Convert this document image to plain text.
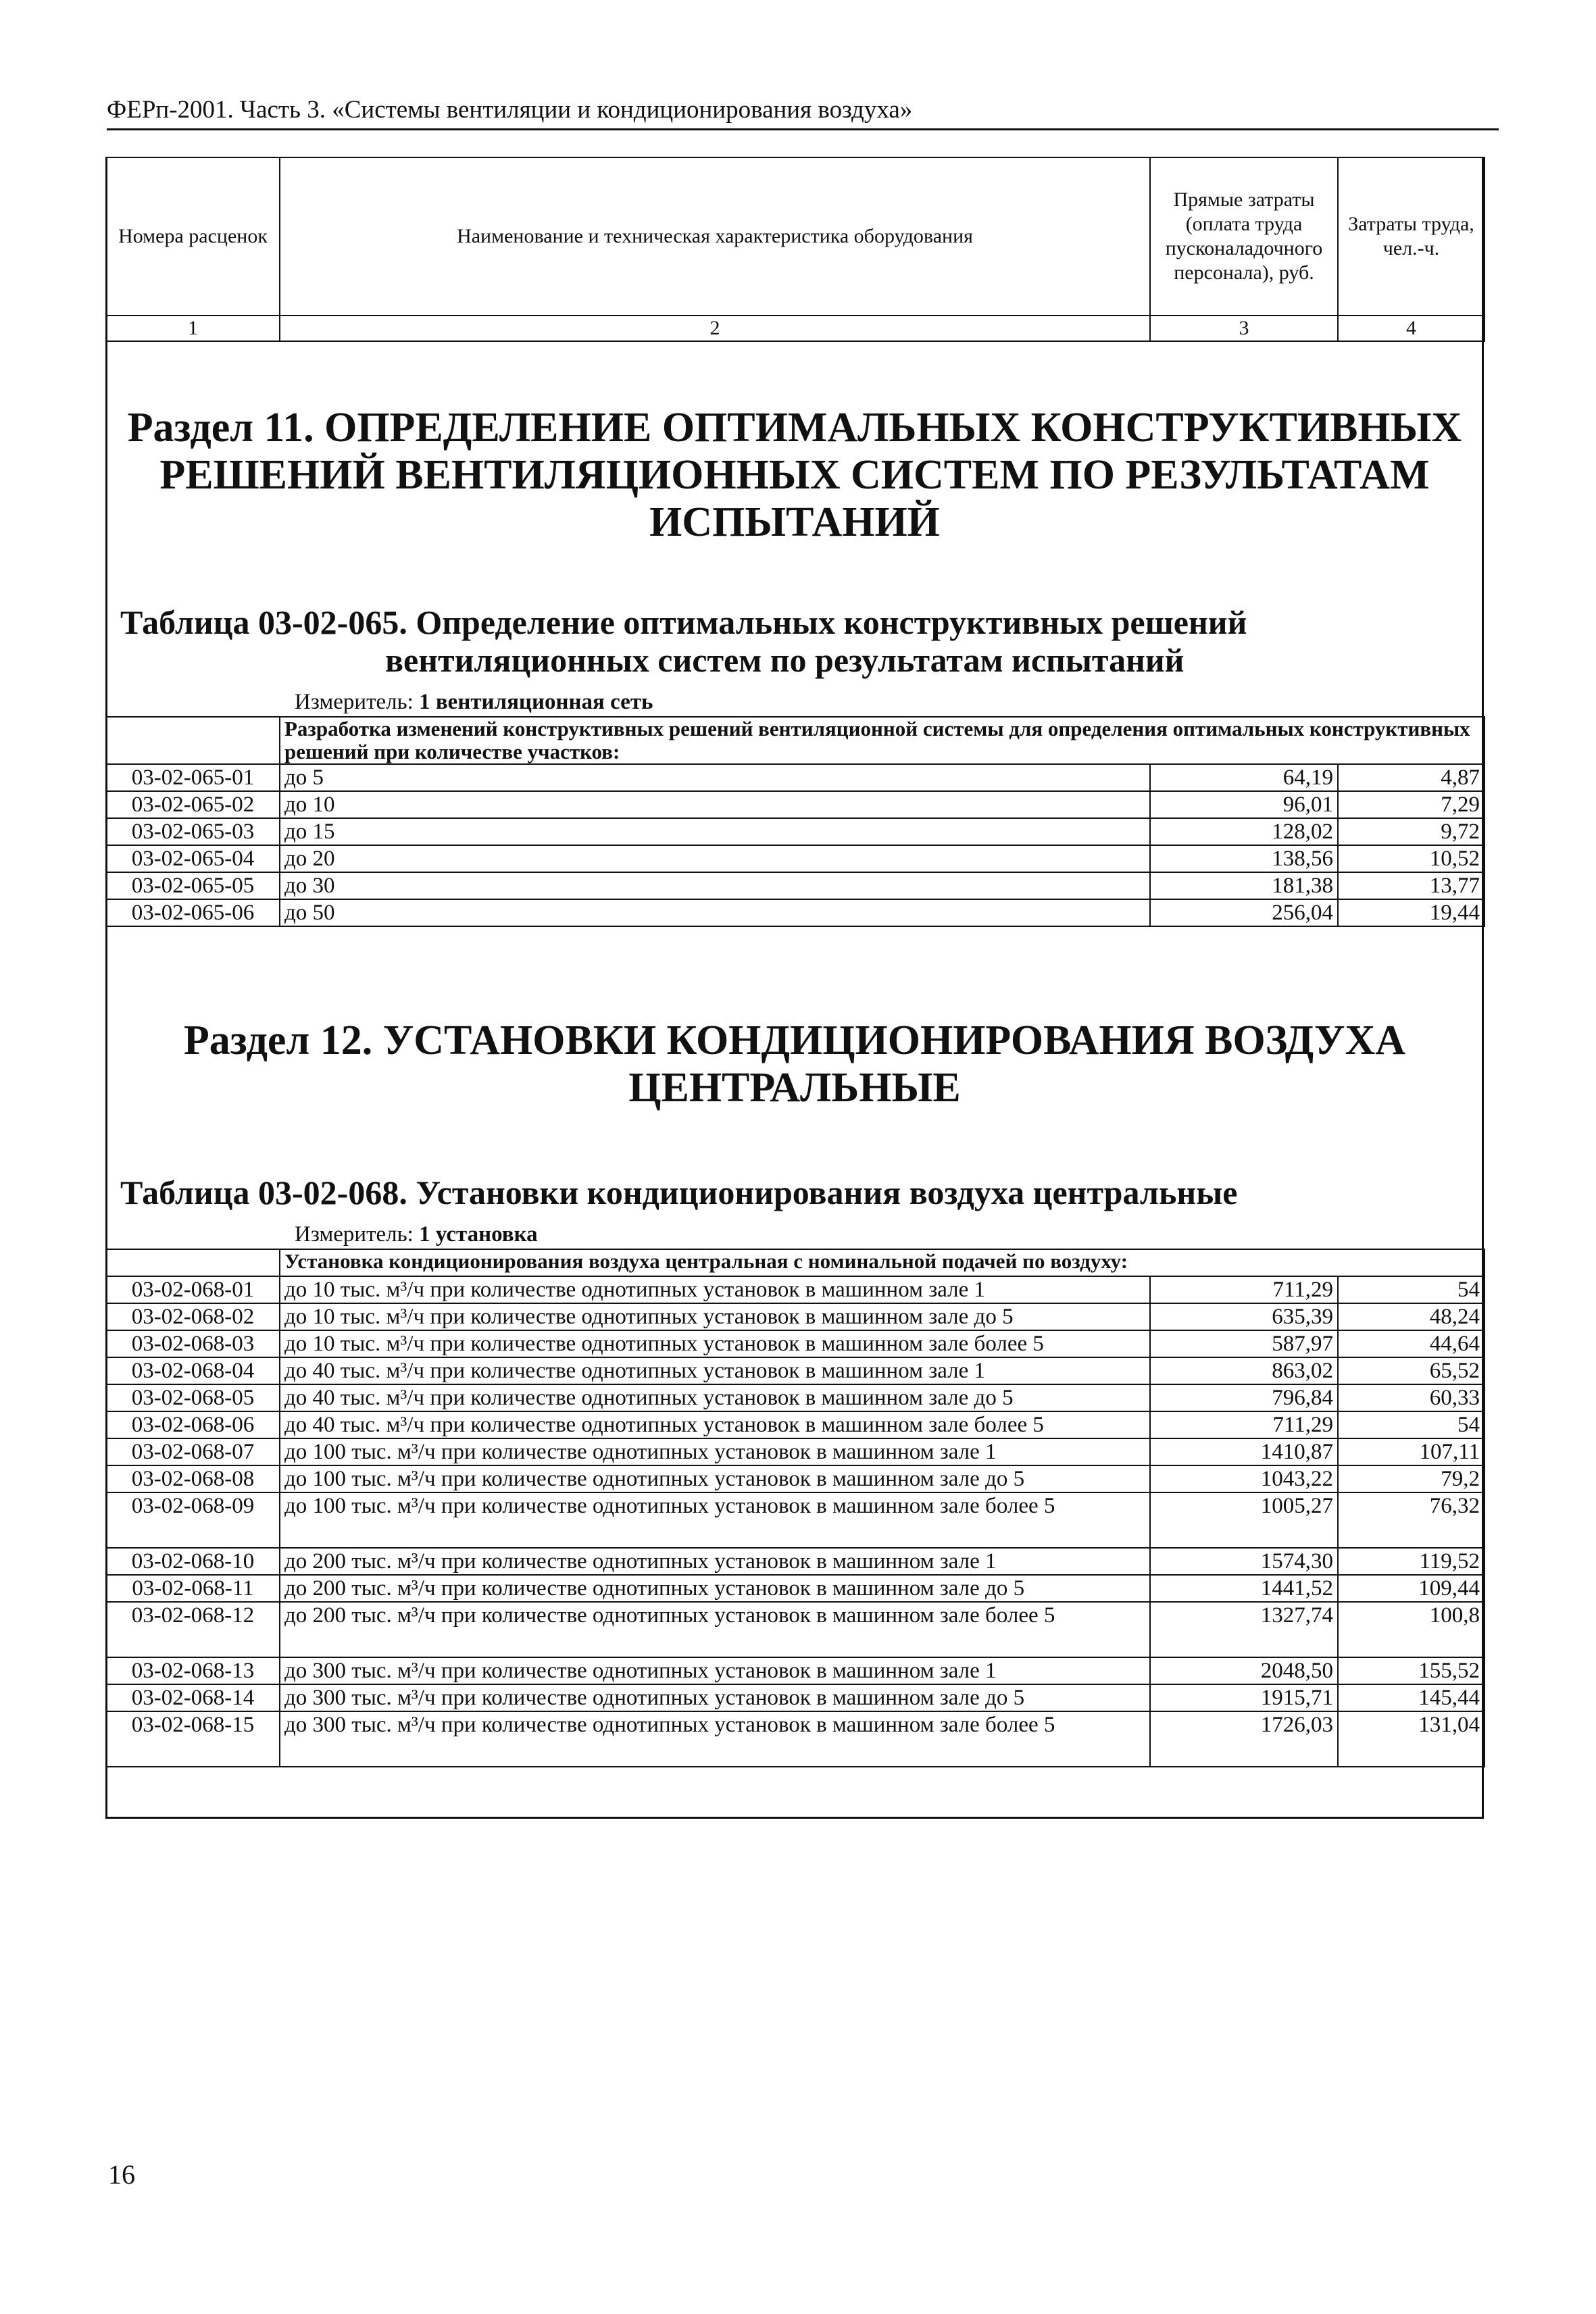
ФЕРп-2001. Часть 3. «Системы вентиляции и кондиционирования воздуха»
Номера расценок	Наименование и техническая характеристика оборудования	Прямые затраты (оплата труда пусконаладочного персонала), руб.	Затраты труда, чел.-ч.
1	2	3	4
Раздел 11. ОПРЕДЕЛЕНИЕ ОПТИМАЛЬНЫХ КОНСТРУКТИВНЫХ
РЕШЕНИЙ ВЕНТИЛЯЦИОННЫХ СИСТЕМ ПО РЕЗУЛЬТАТАМ
ИСПЫТАНИЙ
Таблица 03-02-065. Определение оптимальных конструктивных решений
вентиляционных систем по результатам испытаний
Измеритель: 1 вентиляционная сеть
	Разработка изменений конструктивных решений вентиляционной системы для определения оптимальных конструктивных решений при количестве участков:		
03-02-065-01	до 5	64,19	4,87
03-02-065-02	до 10	96,01	7,29
03-02-065-03	до 15	128,02	9,72
03-02-065-04	до 20	138,56	10,52
03-02-065-05	до 30	181,38	13,77
03-02-065-06	до 50	256,04	19,44
Раздел 12. УСТАНОВКИ КОНДИЦИОНИРОВАНИЯ ВОЗДУХА
ЦЕНТРАЛЬНЫЕ
Таблица 03-02-068. Установки кондиционирования воздуха центральные
Измеритель: 1 установка
	Установка кондиционирования воздуха центральная с номинальной подачей по воздуху:		
03-02-068-01	до 10 тыс. м³/ч при количестве однотипных установок в машинном зале 1	711,29	54
03-02-068-02	до 10 тыс. м³/ч при количестве однотипных установок в машинном зале до 5	635,39	48,24
03-02-068-03	до 10 тыс. м³/ч при количестве однотипных установок в машинном зале более 5	587,97	44,64
03-02-068-04	до 40 тыс. м³/ч при количестве однотипных установок в машинном зале 1	863,02	65,52
03-02-068-05	до 40 тыс. м³/ч при количестве однотипных установок в машинном зале до 5	796,84	60,33
03-02-068-06	до 40 тыс. м³/ч при количестве однотипных установок в машинном зале более 5	711,29	54
03-02-068-07	до 100 тыс. м³/ч при количестве однотипных установок в машинном зале 1	1410,87	107,11
03-02-068-08	до 100 тыс. м³/ч при количестве однотипных установок в машинном зале до 5	1043,22	79,2
03-02-068-09	до 100 тыс. м³/ч при количестве однотипных установок в машинном зале более 5	1005,27	76,32
03-02-068-10	до 200 тыс. м³/ч при количестве однотипных установок в машинном зале 1	1574,30	119,52
03-02-068-11	до 200 тыс. м³/ч при количестве однотипных установок в машинном зале до 5	1441,52	109,44
03-02-068-12	до 200 тыс. м³/ч при количестве однотипных установок в машинном зале более 5	1327,74	100,8
03-02-068-13	до 300 тыс. м³/ч при количестве однотипных установок в машинном зале 1	2048,50	155,52
03-02-068-14	до 300 тыс. м³/ч при количестве однотипных установок в машинном зале до 5	1915,71	145,44
03-02-068-15	до 300 тыс. м³/ч при количестве однотипных установок в машинном зале более 5	1726,03	131,04
16
